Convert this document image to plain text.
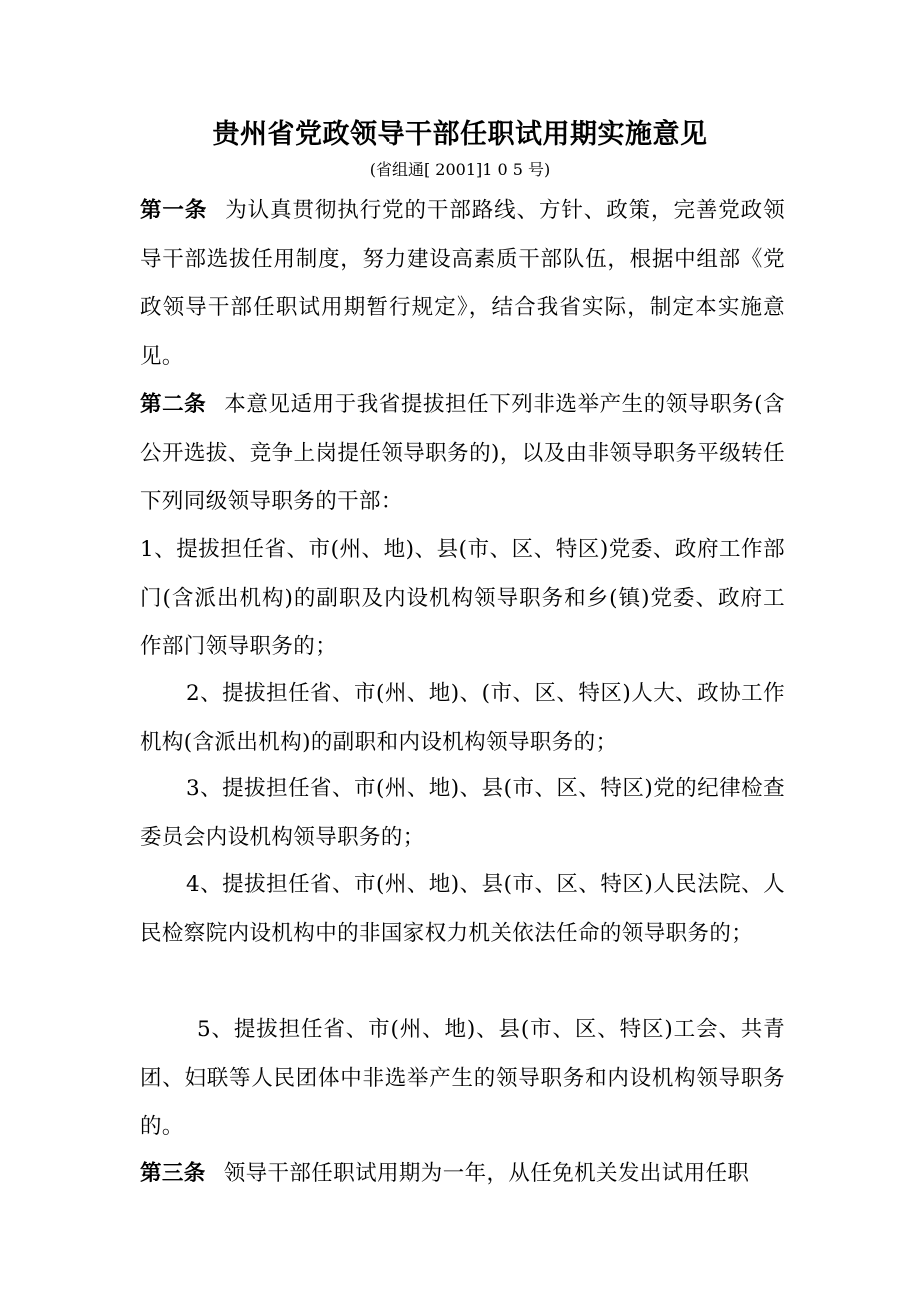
贵州省党政领导干部任职试用期实施意见
(省组通[ 2001]1 0 5 号)
第一条 为认真贯彻执行党的干部路线、方针、政策，完善党政领导干部选拔任用制度，努力建设高素质干部队伍，根据中组部《党政领导干部任职试用期暂行规定》，结合我省实际，制定本实施意见。
第二条 本意见适用于我省提拔担任下列非选举产生的领导职务(含公开选拔、竞争上岗提任领导职务的)，以及由非领导职务平级转任下列同级领导职务的干部：
1、提拔担任省、市(州、地)、县(市、区、特区)党委、政府工作部门(含派出机构)的副职及内设机构领导职务和乡(镇)党委、政府工作部门领导职务的；
2、提拔担任省、市(州、地)、(市、区、特区)人大、政协工作机构(含派出机构)的副职和内设机构领导职务的；
3、提拔担任省、市(州、地)、县(市、区、特区)党的纪律检查委员会内设机构领导职务的；
4、提拔担任省、市(州、地)、县(市、区、特区)人民法院、人民检察院内设机构中的非国家权力机关依法任命的领导职务的；
5、提拔担任省、市(州、地)、县(市、区、特区)工会、共青团、妇联等人民团体中非选举产生的领导职务和内设机构领导职务的。
第三条 领导干部任职试用期为一年，从任免机关发出试用任职
